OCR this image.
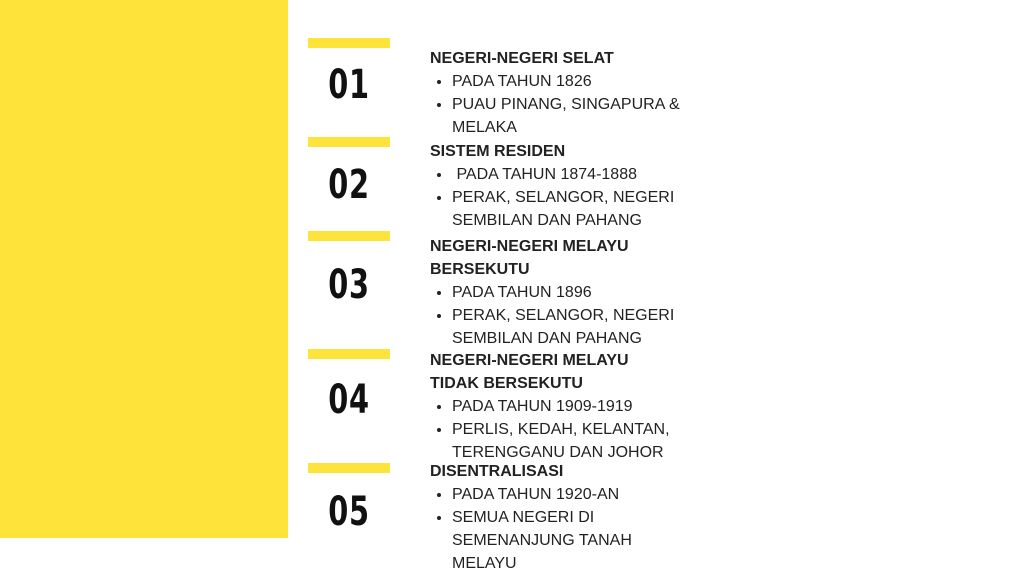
01

NEGERI-NEGERI SELAT

• PADA TAHUN 1826
• PUAU PINANG, SINGAPURA & MELAKA
02

SISTEM RESIDEN

•  PADA TAHUN 1874-1888
• PERAK, SELANGOR, NEGERI SEMBILAN DAN PAHANG
03

NEGERI-NEGERI MELAYU BERSEKUTU

• PADA TAHUN 1896
• PERAK, SELANGOR, NEGERI SEMBILAN DAN PAHANG
04

NEGERI-NEGERI MELAYU TIDAK BERSEKUTU

• PADA TAHUN 1909-1919
• PERLIS, KEDAH, KELANTAN, TERENGGANU DAN JOHOR
05

DISENTRALISASI

• PADA TAHUN 1920-AN
• SEMUA NEGERI DI SEMENANJUNG TANAH MELAYU
